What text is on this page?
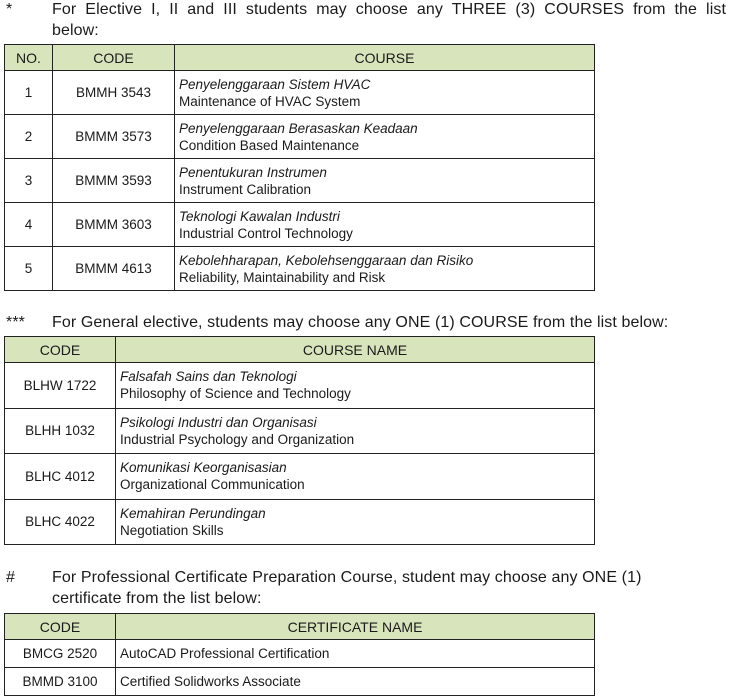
* For Elective I, II and III students may choose any THREE (3) COURSES from the list
below:
NO.	CODE	COURSE
1	BMMH 3543	Penyelenggaraan Sistem HVAC
Maintenance of HVAC System

2	BMMM 3573	Penyelenggaraan Berasaskan Keadaan
Condition Based Maintenance

3	BMMM 3593	Penentukuran Instrumen
Instrument Calibration

4	BMMM 3603	Teknologi Kawalan Industri
Industrial Control Technology

5	BMMM 4613	Kebolehharapan, Kebolehsenggaraan dan Risiko
Reliability, Maintainability and Risk
*** For General elective, students may choose any ONE (1) COURSE from the list below:
CODE	COURSE NAME
BLHW 1722	Falsafah Sains dan Teknologi
Philosophy of Science and Technology

BLHH 1032	Psikologi Industri dan Organisasi
Industrial Psychology and Organization

BLHC 4012	Komunikasi Keorganisasian
Organizational Communication

BLHC 4022	Kemahiran Perundingan
Negotiation Skills
# For Professional Certificate Preparation Course, student may choose any ONE (1)
certificate from the list below:
CODE	CERTIFICATE NAME
BMCG 2520	AutoCAD Professional Certification
BMMD 3100	Certified Solidworks Associate
